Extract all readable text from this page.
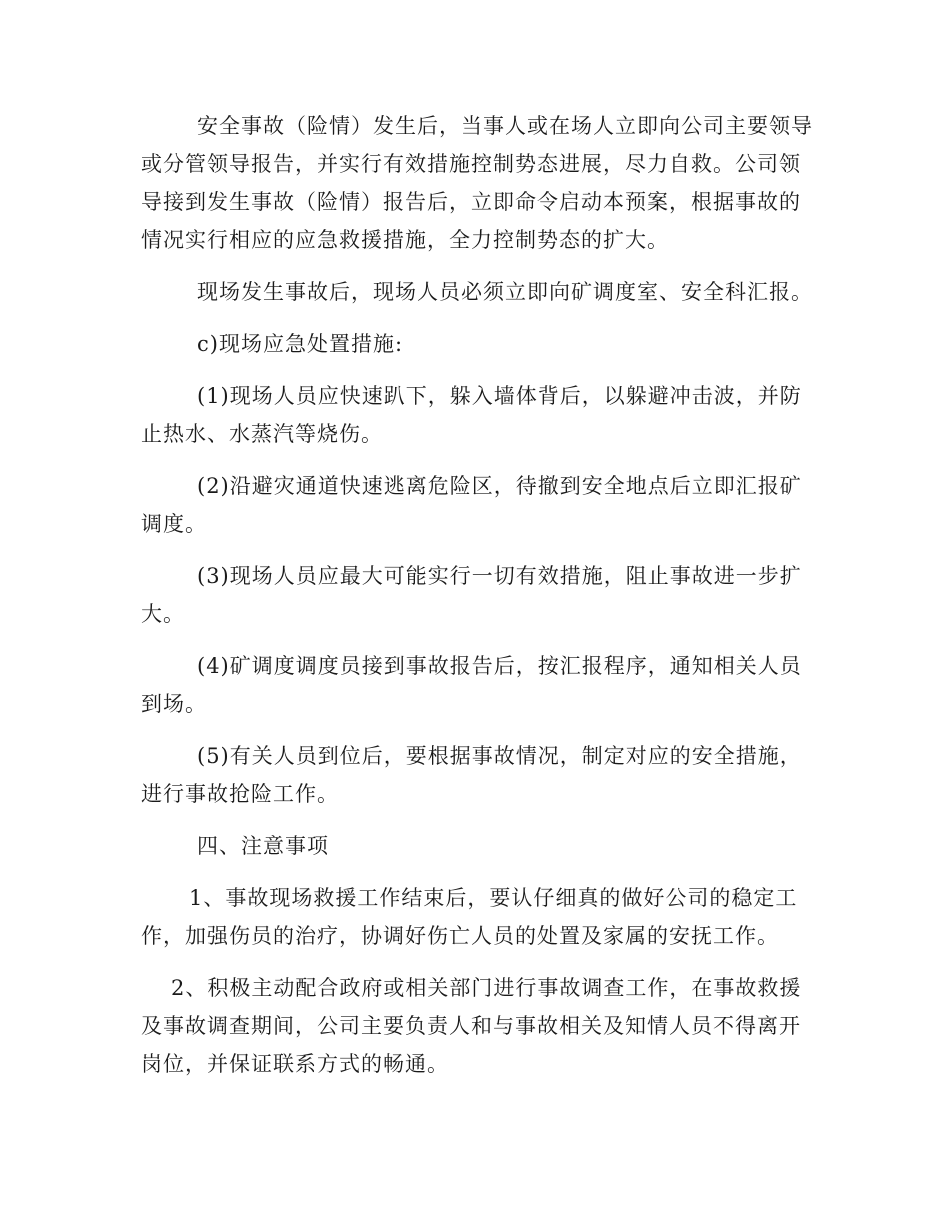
安全事故（险情）发生后，当事人或在场人立即向公司主要领导
或分管领导报告，并实行有效措施控制势态进展，尽力自救。公司领
导接到发生事故（险情）报告后，立即命令启动本预案，根据事故的
情况实行相应的应急救援措施，全力控制势态的扩大。
现场发生事故后，现场人员必须立即向矿调度室、安全科汇报。
c)现场应急处置措施:
(1)现场人员应快速趴下，躲入墙体背后，以躲避冲击波，并防
止热水、水蒸汽等烧伤。
(2)沿避灾通道快速逃离危险区，待撤到安全地点后立即汇报矿
调度。
(3)现场人员应最大可能实行一切有效措施，阻止事故进一步扩
大。
(4)矿调度调度员接到事故报告后，按汇报程序，通知相关人员
到场。
(5)有关人员到位后，要根据事故情况，制定对应的安全措施，
进行事故抢险工作。
四、注意事项
1、事故现场救援工作结束后，要认仔细真的做好公司的稳定工
作，加强伤员的治疗，协调好伤亡人员的处置及家属的安抚工作。
2、积极主动配合政府或相关部门进行事故调查工作，在事故救援
及事故调查期间，公司主要负责人和与事故相关及知情人员不得离开
岗位，并保证联系方式的畅通。
